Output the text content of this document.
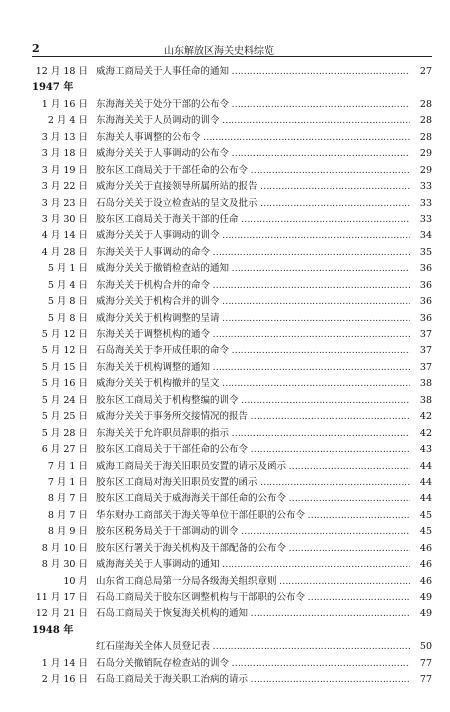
2	山东解放区海关史料综览
12 月 18 日 威海工商局关于人事任命的通知 ………………………………………………………………………………………………………………………………………………	27
1947 年
1 月 16 日 东海海关关于处分干部的公布令 ………………………………………………………………………………………………………………………………………………	28
2 月 4 日 东海海关关于人员调动的训令 ………………………………………………………………………………………………………………………………………………	28
3 月 13 日 东海关人事调整的公布令 ………………………………………………………………………………………………………………………………………………	28
3 月 18 日 威海分关关于人事调动的公布令 ………………………………………………………………………………………………………………………………………………	29
3 月 19 日 胶东区工商局关于干部任命的公布令 ………………………………………………………………………………………………………………………………………………	29
3 月 22 日 威海分关关于直接领导所属所站的报告 ………………………………………………………………………………………………………………………………………………	33
3 月 23 日 石岛分关关于设立检查站的呈文及批示 ………………………………………………………………………………………………………………………………………………	33
3 月 30 日 胶东区工商局关于海关干部的任命 ………………………………………………………………………………………………………………………………………………	33
4 月 14 日 威海分关关于人事调动的训令 ………………………………………………………………………………………………………………………………………………	34
4 月 28 日 东海关关于人事调动的命令 ………………………………………………………………………………………………………………………………………………	35
5 月 1 日 威海分关关于撤销检查站的通知 ………………………………………………………………………………………………………………………………………………	36
5 月 4 日 东海关关于机构合并的命令 ………………………………………………………………………………………………………………………………………………	36
5 月 8 日 威海分关关于机构合并的训令 ………………………………………………………………………………………………………………………………………………	36
5 月 8 日 威海分关关于机构调整的呈请 ………………………………………………………………………………………………………………………………………………	36
5 月 12 日 东海关关于调整机构的通令 ………………………………………………………………………………………………………………………………………………	37
5 月 12 日 石岛海关关于李开成任职的命令 ………………………………………………………………………………………………………………………………………………	37
5 月 15 日 东海关关于机构调整的通知 ………………………………………………………………………………………………………………………………………………	37
5 月 16 日 威海分关关于机构撤并的呈文 ………………………………………………………………………………………………………………………………………………	38
5 月 24 日 胶东区工商局关于机构整编的训令 ………………………………………………………………………………………………………………………………………………	38
5 月 25 日 威海分关关于事务所交接情况的报告 ………………………………………………………………………………………………………………………………………………	42
5 月 28 日 东海关关于允许职员辞职的指示 ………………………………………………………………………………………………………………………………………………	42
6 月 27 日 胶东区工商局关于干部任命的公布令 ………………………………………………………………………………………………………………………………………………	43
7 月 1 日 威海工商局关于海关旧职员安置的请示及函示 ………………………………………………………………………………………………………………………………………………	44
7 月 1 日 胶东区工商局对海关旧职员安置的函示 ………………………………………………………………………………………………………………………………………………	44
8 月 7 日 胶东区工商局关于威海海关干部任命的公布令 ………………………………………………………………………………………………………………………………………………	44
8 月 7 日 华东财办工商部关于海关等单位干部任职的公布令 ………………………………………………………………………………………………………………………………………………	45
8 月 9 日 胶东区税务局关于干部调动的训令 ………………………………………………………………………………………………………………………………………………	45
8 月 10 日 胶东区行署关于海关机构及干部配备的公布令 ………………………………………………………………………………………………………………………………………………	46
8 月 30 日 威海海关关于人事调动的通知 ………………………………………………………………………………………………………………………………………………	46
10 月 山东省工商总局第一分局各级海关组织章则 ………………………………………………………………………………………………………………………………………………	46
11 月 17 日 石岛工商局关于胶东区调整机构与干部职的公布令 ………………………………………………………………………………………………………………………………………………	49
12 月 21 日 石岛工商局关于恢复海关机构的通知 ………………………………………………………………………………………………………………………………………………	49
1948 年
红石崖海关全体人员登记表 ………………………………………………………………………………………………………………………………………………	50
1 月 14 日 石岛分关撤销阮存检查站的训令 ………………………………………………………………………………………………………………………………………………	77
2 月 16 日 石岛工商局关于海关职工治病的请示 ………………………………………………………………………………………………………………………………………………	77
